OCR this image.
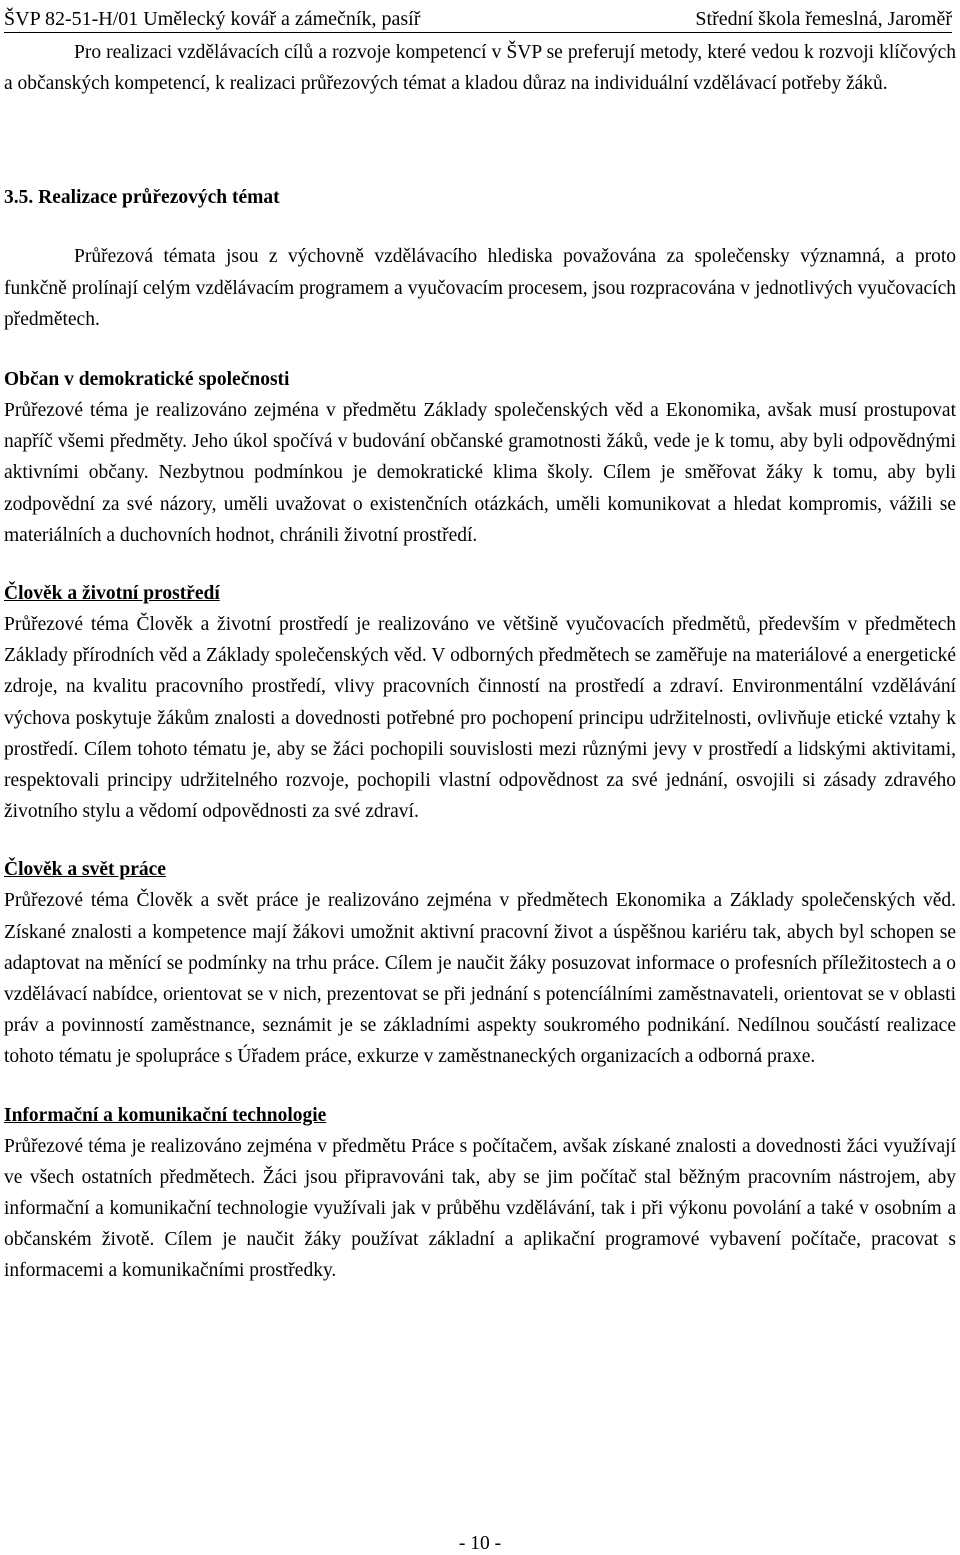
ŠVP 82-51-H/01 Umělecký kovář a zámečník, pasíř	Střední škola řemeslná, Jaroměř

Pro realizaci vzdělávacích cílů a rozvoje kompetencí v ŠVP se preferují metody, které vedou k rozvoji klíčových a občanských kompetencí, k realizaci průřezových témat a kladou důraz na individuální vzdělávací potřeby žáků.

3.5. Realizace průřezových témat

Průřezová témata jsou z výchovně vzdělávacího hlediska považována za společensky významná, a proto funkčně prolínají celým vzdělávacím programem a vyučovacím procesem, jsou rozpracována v jednotlivých vyučovacích předmětech.

Občan v demokratické společnosti

Průřezové téma je realizováno zejména v předmětu Základy společenských věd a Ekonomika, avšak musí prostupovat napříč všemi předměty. Jeho úkol spočívá v budování občanské gramotnosti žáků, vede je k tomu, aby byli odpovědnými aktivními občany. Nezbytnou podmínkou je demokratické klima školy. Cílem je směřovat žáky k tomu, aby byli zodpovědní za své názory, uměli uvažovat o existenčních otázkách, uměli komunikovat a hledat kompromis, vážili se materiálních a duchovních hodnot, chránili životní prostředí.

Člověk a životní prostředí

Průřezové téma Člověk a životní prostředí je realizováno ve většině vyučovacích předmětů, především v předmětech Základy přírodních věd a Základy společenských věd. V odborných předmětech se zaměřuje na materiálové a energetické zdroje, na kvalitu pracovního prostředí, vlivy pracovních činností na prostředí a zdraví. Environmentální vzdělávání výchova poskytuje žákům znalosti a dovednosti potřebné pro pochopení principu udržitelnosti, ovlivňuje etické vztahy k prostředí. Cílem tohoto tématu je, aby se žáci pochopili souvislosti mezi různými jevy v prostředí a lidskými aktivitami, respektovali principy udržitelného rozvoje, pochopili vlastní odpovědnost za své jednání, osvojili si zásady zdravého životního stylu a vědomí odpovědnosti za své zdraví.

Člověk a svět práce

Průřezové téma Člověk a svět práce je realizováno zejména v předmětech Ekonomika a Základy společenských věd. Získané znalosti a kompetence mají žákovi umožnit aktivní pracovní život a úspěšnou kariéru tak, abych byl schopen se adaptovat na měnící se podmínky na trhu práce. Cílem je naučit žáky posuzovat informace o profesních příležitostech a o vzdělávací nabídce, orientovat se v nich, prezentovat se při jednání s potencíálními zaměstnavateli, orientovat se v oblasti práv a povinností zaměstnance, seznámit je se základními aspekty soukromého podnikání. Nedílnou součástí realizace tohoto tématu je spolupráce s Úřadem práce, exkurze v zaměstnaneckých organizacích a odborná praxe.

Informační a komunikační technologie

Průřezové téma je realizováno zejména v předmětu Práce s počítačem, avšak získané znalosti a dovednosti žáci využívají ve všech ostatních předmětech. Žáci jsou připravováni tak, aby se jim počítač stal běžným pracovním nástrojem, aby informační a komunikační technologie využívali jak v průběhu vzdělávání, tak i při výkonu povolání a také v osobním a občanském životě. Cílem je naučit žáky používat základní a aplikační programové vybavení počítače, pracovat s informacemi a komunikačními prostředky.

- 10 -
